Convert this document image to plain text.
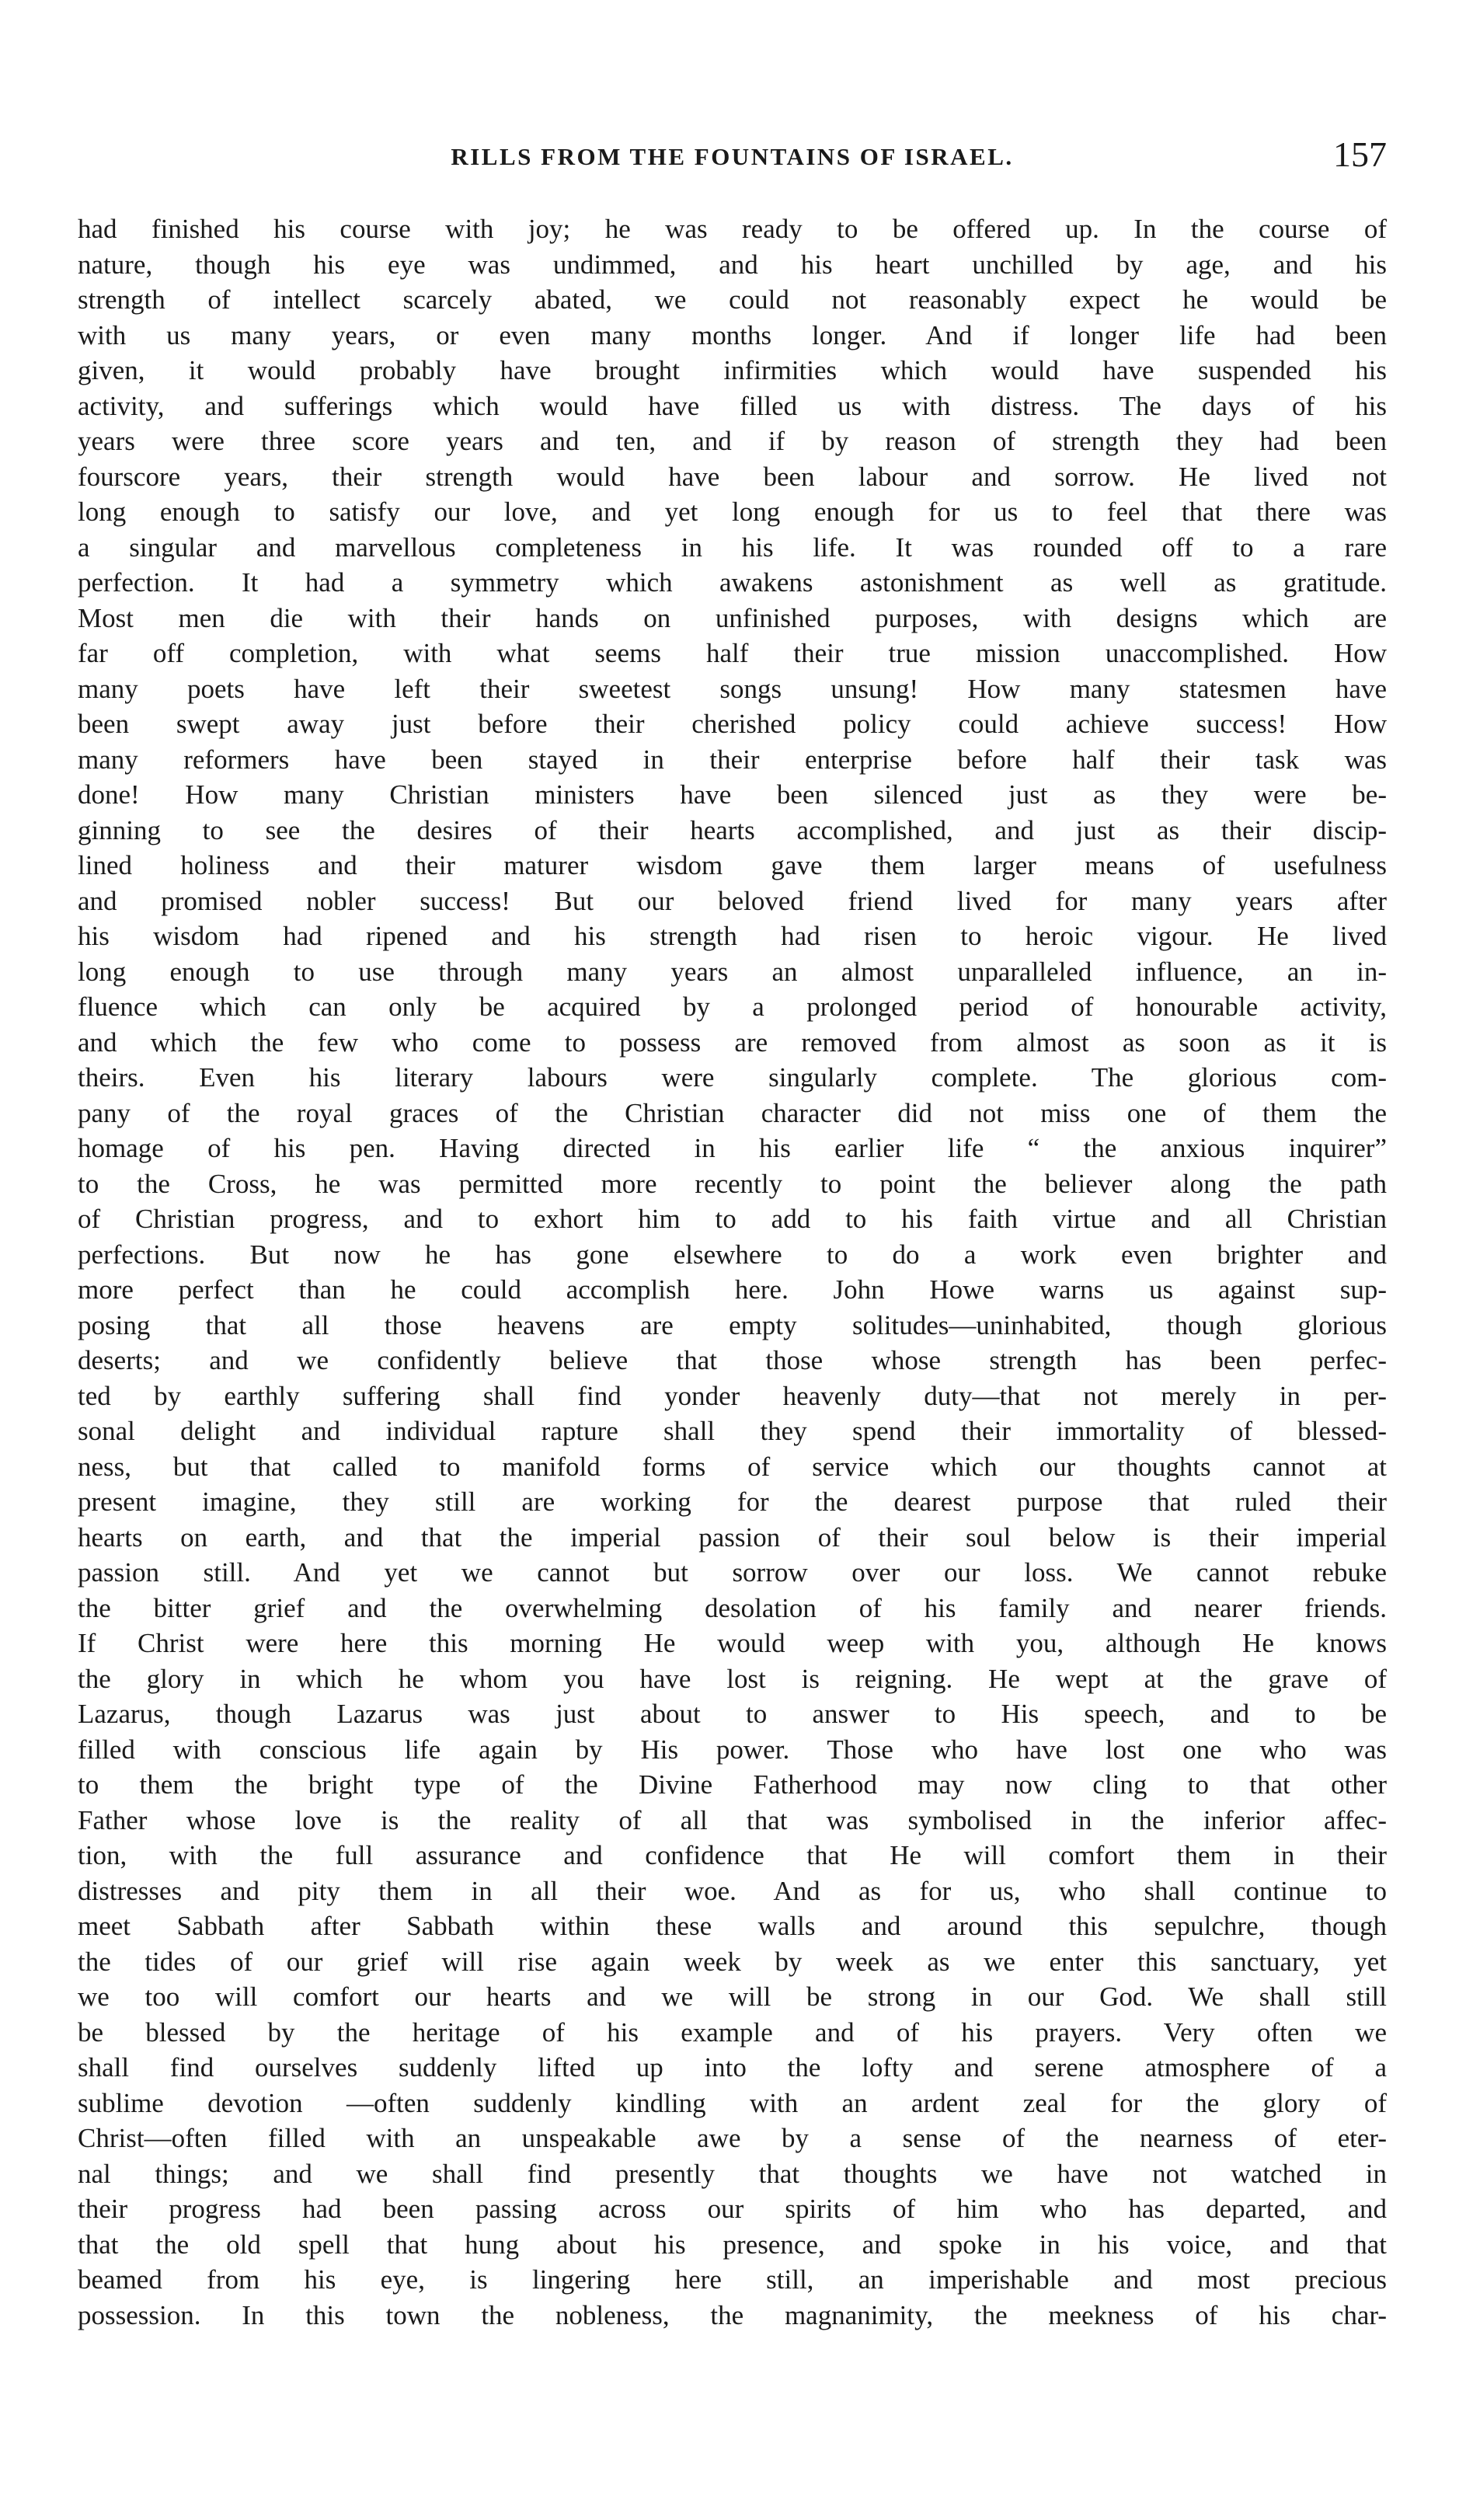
RILLS FROM THE FOUNTAINS OF ISRAEL.	157
had finished his course with joy; he was ready to be offered up. In the course of
nature, though his eye was undimmed, and his heart unchilled by age, and his
strength of intellect scarcely abated, we could not reasonably expect he would be
with us many years, or even many months longer. And if longer life had been
given, it would probably have brought infirmities which would have suspended his
activity, and sufferings which would have filled us with distress. The days of his
years were three score years and ten, and if by reason of strength they had been
fourscore years, their strength would have been labour and sorrow. He lived not
long enough to satisfy our love, and yet long enough for us to feel that there was
a singular and marvellous completeness in his life. It was rounded off to a rare
perfection. It had a symmetry which awakens astonishment as well as gratitude.
Most men die with their hands on unfinished purposes, with designs which are
far off completion, with what seems half their true mission unaccomplished. How
many poets have left their sweetest songs unsung! How many statesmen have
been swept away just before their cherished policy could achieve success! How
many reformers have been stayed in their enterprise before half their task was
done! How many Christian ministers have been silenced just as they were be-
ginning to see the desires of their hearts accomplished, and just as their discip-
lined holiness and their maturer wisdom gave them larger means of usefulness
and promised nobler success! But our beloved friend lived for many years after
his wisdom had ripened and his strength had risen to heroic vigour. He lived
long enough to use through many years an almost unparalleled influence, an in-
fluence which can only be acquired by a prolonged period of honourable activity,
and which the few who come to possess are removed from almost as soon as it is
theirs. Even his literary labours were singularly complete. The glorious com-
pany of the royal graces of the Christian character did not miss one of them the
homage of his pen. Having directed in his earlier life “ the anxious inquirer”
to the Cross, he was permitted more recently to point the believer along the path
of Christian progress, and to exhort him to add to his faith virtue and all Christian
perfections. But now he has gone elsewhere to do a work even brighter and
more perfect than he could accomplish here. John Howe warns us against sup-
posing that all those heavens are empty solitudes—uninhabited, though glorious
deserts; and we confidently believe that those whose strength has been perfec-
ted by earthly suffering shall find yonder heavenly duty—that not merely in per-
sonal delight and individual rapture shall they spend their immortality of blessed-
ness, but that called to manifold forms of service which our thoughts cannot at
present imagine, they still are working for the dearest purpose that ruled their
hearts on earth, and that the imperial passion of their soul below is their imperial
passion still. And yet we cannot but sorrow over our loss. We cannot rebuke
the bitter grief and the overwhelming desolation of his family and nearer friends.
If Christ were here this morning He would weep with you, although He knows
the glory in which he whom you have lost is reigning. He wept at the grave of
Lazarus, though Lazarus was just about to answer to His speech, and to be
filled with conscious life again by His power. Those who have lost one who was
to them the bright type of the Divine Fatherhood may now cling to that other
Father whose love is the reality of all that was symbolised in the inferior affec-
tion, with the full assurance and confidence that He will comfort them in their
distresses and pity them in all their woe. And as for us, who shall continue to
meet Sabbath after Sabbath within these walls and around this sepulchre, though
the tides of our grief will rise again week by week as we enter this sanctuary, yet
we too will comfort our hearts and we will be strong in our God. We shall still
be blessed by the heritage of his example and of his prayers. Very often we
shall find ourselves suddenly lifted up into the lofty and serene atmosphere of a
sublime devotion —often suddenly kindling with an ardent zeal for the glory of
Christ—often filled with an unspeakable awe by a sense of the nearness of eter-
nal things; and we shall find presently that thoughts we have not watched in
their progress had been passing across our spirits of him who has departed, and
that the old spell that hung about his presence, and spoke in his voice, and that
beamed from his eye, is lingering here still, an imperishable and most precious
possession. In this town the nobleness, the magnanimity, the meekness of his char-
